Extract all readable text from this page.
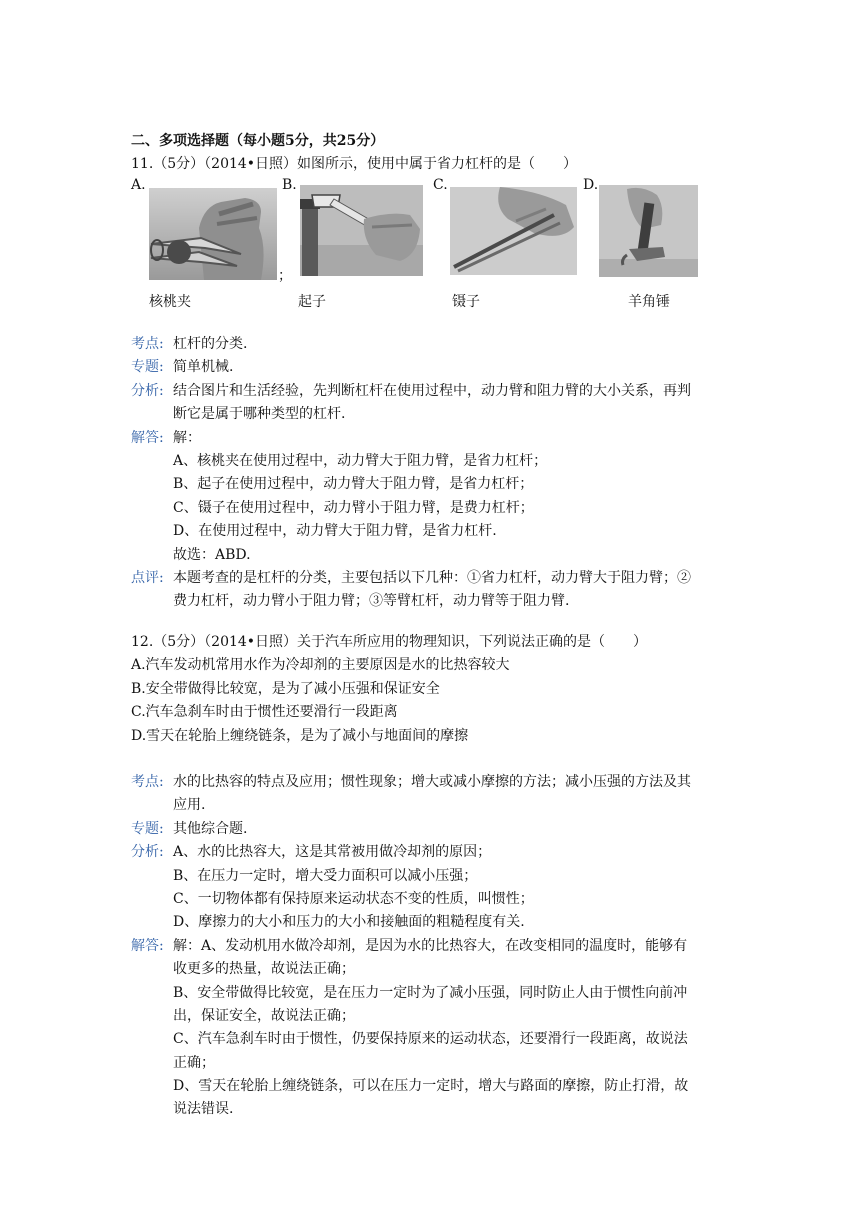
二、多项选择题（每小题5分，共25分）
11.（5分）（2014•日照）如图所示，使用中属于省力杠杆的是（　　）
A.	B.	C.	D.
；
核桃夹	起子	镊子	羊角锤
考点: 杠杆的分类.
专题: 简单机械.
分析: 结合图片和生活经验，先判断杠杆在使用过程中，动力臂和阻力臂的大小关系，再判
断它是属于哪种类型的杠杆.
解答: 解：
A、核桃夹在使用过程中，动力臂大于阻力臂，是省力杠杆；
B、起子在使用过程中，动力臂大于阻力臂，是省力杠杆；
C、镊子在使用过程中，动力臂小于阻力臂，是费力杠杆；
D、在使用过程中，动力臂大于阻力臂，是省力杠杆.
故选：ABD.
点评: 本题考查的是杠杆的分类，主要包括以下几种：①省力杠杆，动力臂大于阻力臂；②
费力杠杆，动力臂小于阻力臂；③等臂杠杆，动力臂等于阻力臂.
12.（5分）（2014•日照）关于汽车所应用的物理知识，下列说法正确的是（　　）
A.汽车发动机常用水作为冷却剂的主要原因是水的比热容较大
B.安全带做得比较宽，是为了减小压强和保证安全
C.汽车急刹车时由于惯性还要滑行一段距离
D.雪天在轮胎上缠绕链条，是为了减小与地面间的摩擦
考点: 水的比热容的特点及应用；惯性现象；增大或减小摩擦的方法；减小压强的方法及其
应用.
专题: 其他综合题.
分析: A、水的比热容大，这是其常被用做冷却剂的原因；
B、在压力一定时，增大受力面积可以减小压强；
C、一切物体都有保持原来运动状态不变的性质，叫惯性；
D、摩擦力的大小和压力的大小和接触面的粗糙程度有关.
解答: 解：A、发动机用水做冷却剂，是因为水的比热容大，在改变相同的温度时，能够有
收更多的热量，故说法正确；
B、安全带做得比较宽，是在压力一定时为了减小压强，同时防止人由于惯性向前冲
出，保证安全，故说法正确；
C、汽车急刹车时由于惯性，仍要保持原来的运动状态，还要滑行一段距离，故说法
正确；
D、雪天在轮胎上缠绕链条，可以在压力一定时，增大与路面的摩擦，防止打滑，故
说法错误.
